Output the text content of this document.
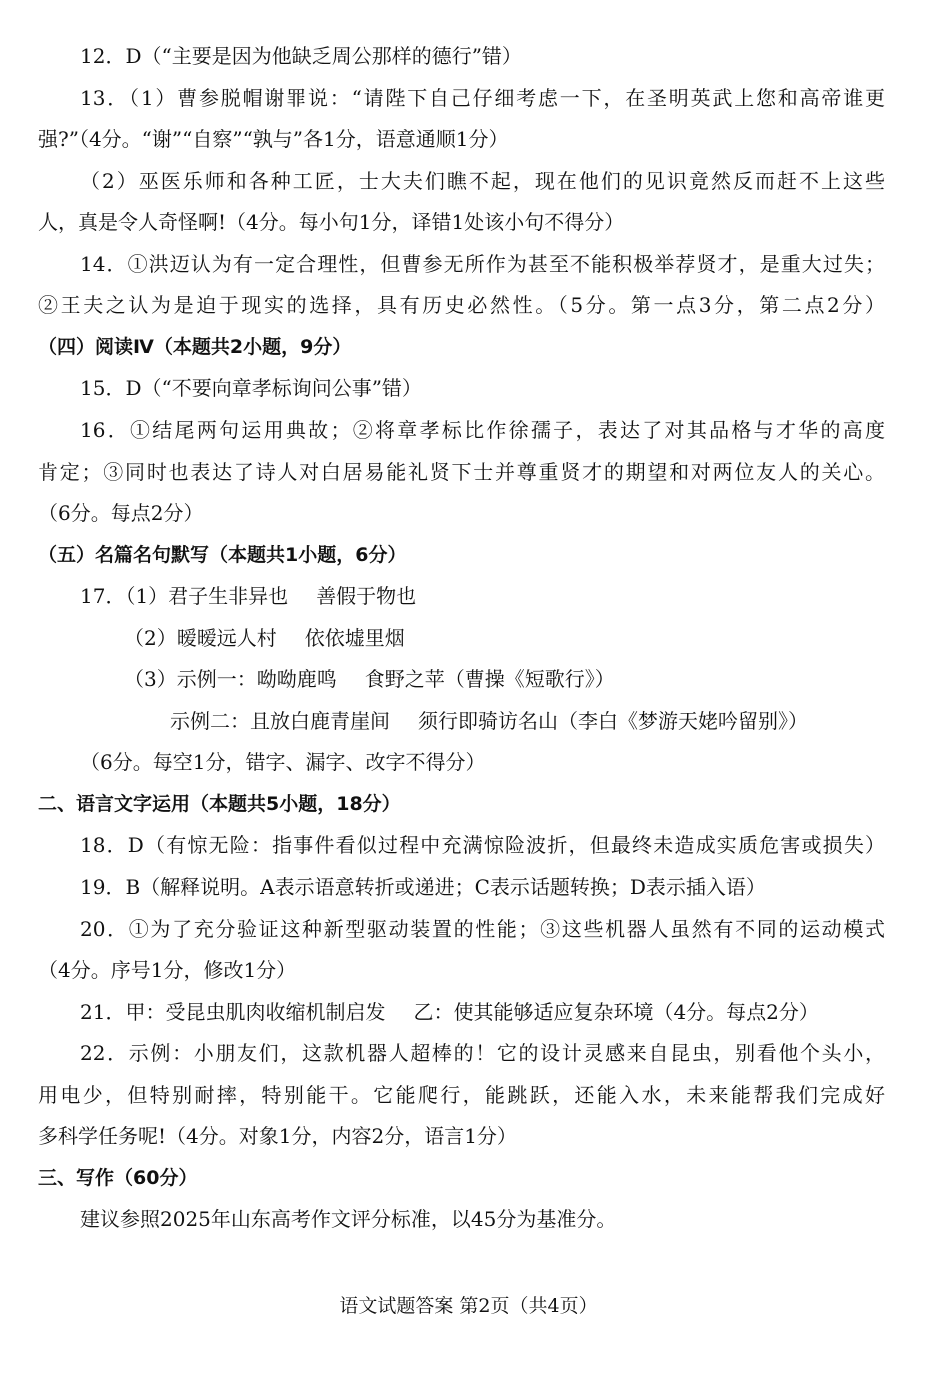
12．D（“主要是因为他缺乏周公那样的德行”错）
13．（1）曹参脱帽谢罪说：“请陛下自己仔细考虑一下，在圣明英武上您和高帝谁更
强?”（4分。“谢”“自察”“孰与”各1分，语意通顺1分）
（2）巫医乐师和各种工匠，士大夫们瞧不起，现在他们的见识竟然反而赶不上这些
人，真是令人奇怪啊!（4分。每小句1分，译错1处该小句不得分）
14．①洪迈认为有一定合理性，但曹参无所作为甚至不能积极举荐贤才，是重大过失；
②王夫之认为是迫于现实的选择，具有历史必然性。（5分。第一点3分，第二点2分）
（四）阅读Ⅳ（本题共2小题，9分）
15．D（“不要向章孝标询问公事”错）
16．①结尾两句运用典故；②将章孝标比作徐孺子，表达了对其品格与才华的高度
肯定；③同时也表达了诗人对白居易能礼贤下士并尊重贤才的期望和对两位友人的关心。
（6分。每点2分）
（五）名篇名句默写（本题共1小题，6分）
17．（1）君子生非异也 善假于物也
（2）暧暧远人村 依依墟里烟
（3）示例一：呦呦鹿鸣 食野之苹（曹操《短歌行》）
示例二：且放白鹿青崖间 须行即骑访名山（李白《梦游天姥吟留别》）
（6分。每空1分，错字、漏字、改字不得分）
二、语言文字运用（本题共5小题，18分）
18．D（有惊无险：指事件看似过程中充满惊险波折，但最终未造成实质危害或损失）
19．B（解释说明。A表示语意转折或递进；C表示话题转换；D表示插入语）
20．①为了充分验证这种新型驱动装置的性能；③这些机器人虽然有不同的运动模式
（4分。序号1分，修改1分）
21．甲：受昆虫肌肉收缩机制启发 乙：使其能够适应复杂环境（4分。每点2分）
22．示例：小朋友们，这款机器人超棒的！它的设计灵感来自昆虫，别看他个头小，
用电少，但特别耐摔，特别能干。它能爬行，能跳跃，还能入水，未来能帮我们完成好
多科学任务呢!（4分。对象1分，内容2分，语言1分）
三、写作（60分）
建议参照2025年山东高考作文评分标准，以45分为基准分。
语文试题答案 第2页（共4页）
